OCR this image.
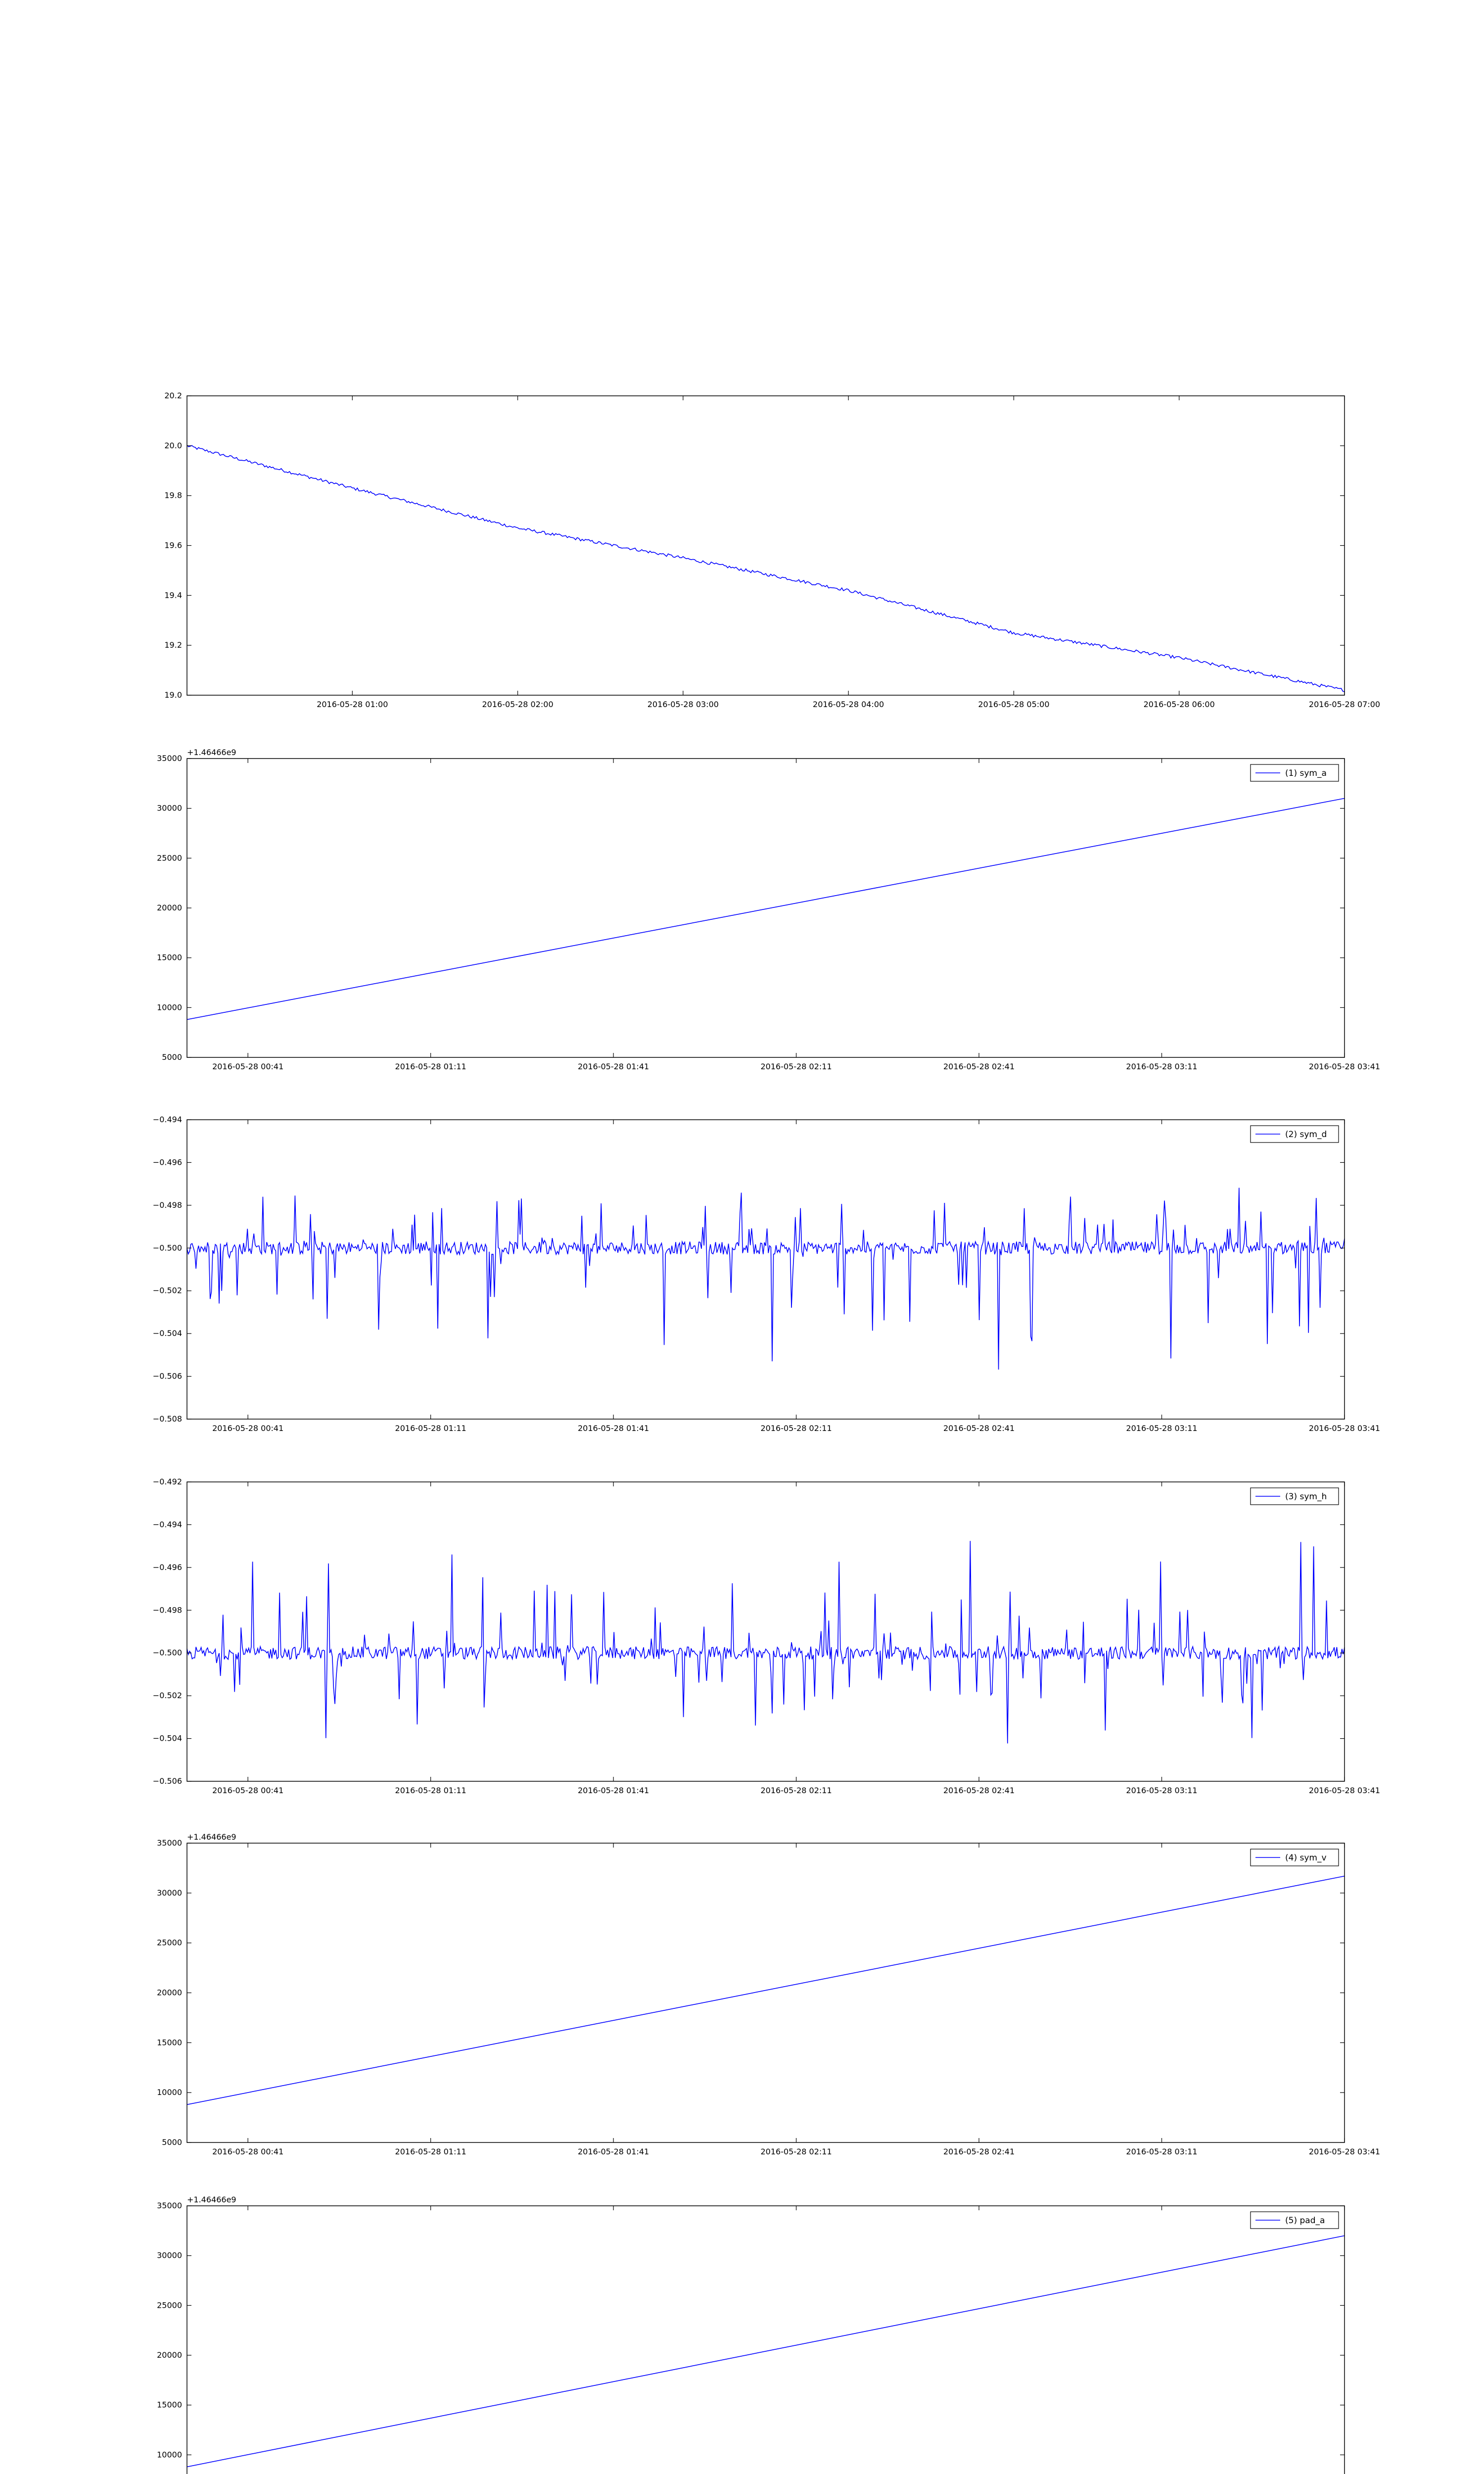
19.0
19.2
19.4
19.6
19.8
20.0
20.2
2016-05-28 01:00	2016-05-28 02:00	2016-05-28 03:00	2016-05-28 04:00	2016-05-28 05:00	2016-05-28 06:00	2016-05-28 07:00
5000
10000
15000
20000
25000
30000
35000
2016-05-28 00:41	2016-05-28 01:11	2016-05-28 01:41	2016-05-28 02:11	2016-05-28 02:41	2016-05-28 03:11	2016-05-28 03:41
+1.46466e9
(1) sym_a
−0.508
−0.506
−0.504
−0.502
−0.500
−0.498
−0.496
−0.494
2016-05-28 00:41	2016-05-28 01:11	2016-05-28 01:41	2016-05-28 02:11	2016-05-28 02:41	2016-05-28 03:11	2016-05-28 03:41
(2) sym_d
−0.506
−0.504
−0.502
−0.500
−0.498
−0.496
−0.494
−0.492
2016-05-28 00:41	2016-05-28 01:11	2016-05-28 01:41	2016-05-28 02:11	2016-05-28 02:41	2016-05-28 03:11	2016-05-28 03:41
(3) sym_h
5000
10000
15000
20000
25000
30000
35000
2016-05-28 00:41	2016-05-28 01:11	2016-05-28 01:41	2016-05-28 02:11	2016-05-28 02:41	2016-05-28 03:11	2016-05-28 03:41
+1.46466e9
(4) sym_v
10000
15000
20000
25000
30000
35000
+1.46466e9
(5) pad_a
